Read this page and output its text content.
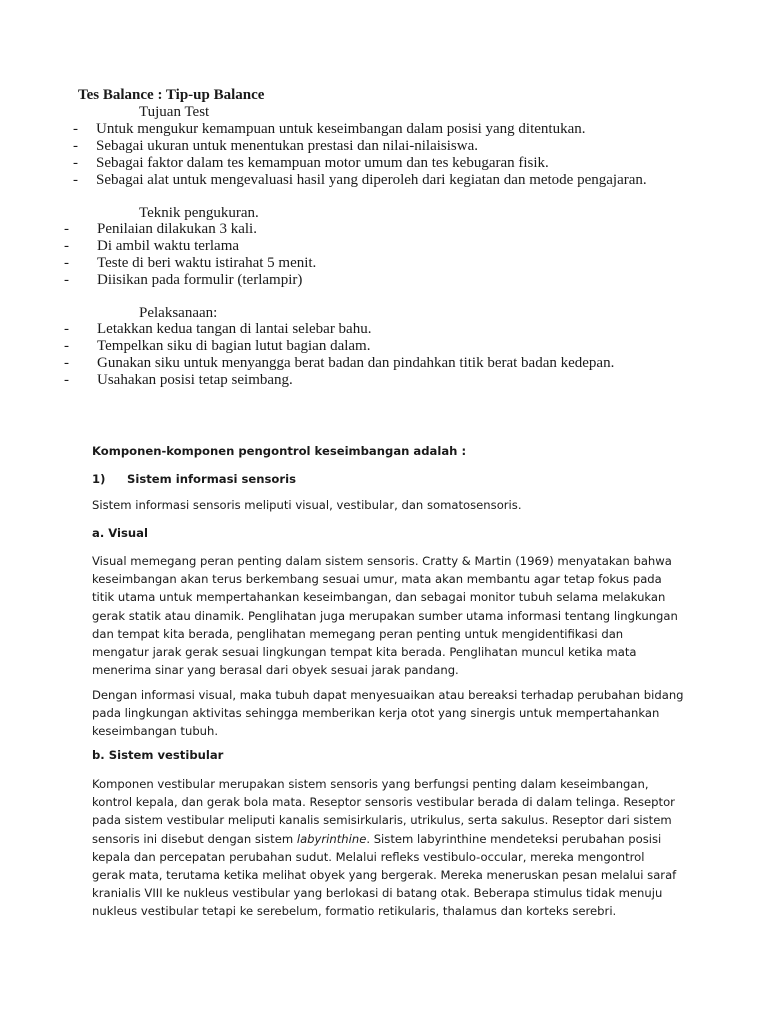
Tes Balance : Tip-up Balance
Tujuan Test
- Untuk mengukur kemampuan untuk keseimbangan dalam posisi yang ditentukan.
- Sebagai ukuran untuk menentukan prestasi dan nilai-nilaisiswa.
- Sebagai faktor dalam tes kemampuan motor umum dan tes kebugaran fisik.
- Sebagai alat untuk mengevaluasi hasil yang diperoleh dari kegiatan dan metode pengajaran.
Teknik pengukuran.
- Penilaian dilakukan 3 kali.
- Di ambil waktu terlama
- Teste di beri waktu istirahat 5 menit.
- Diisikan pada formulir (terlampir)
Pelaksanaan:
- Letakkan kedua tangan di lantai selebar bahu.
- Tempelkan siku di bagian lutut bagian dalam.
- Gunakan siku untuk menyangga berat badan dan pindahkan titik berat badan kedepan.
- Usahakan posisi tetap seimbang.
Komponen-komponen pengontrol keseimbangan adalah :
1) Sistem informasi sensoris
Sistem informasi sensoris meliputi visual, vestibular, dan somatosensoris.
a. Visual
Visual memegang peran penting dalam sistem sensoris. Cratty & Martin (1969) menyatakan bahwa
keseimbangan akan terus berkembang sesuai umur, mata akan membantu agar tetap fokus pada
titik utama untuk mempertahankan keseimbangan, dan sebagai monitor tubuh selama melakukan
gerak statik atau dinamik. Penglihatan juga merupakan sumber utama informasi tentang lingkungan
dan tempat kita berada, penglihatan memegang peran penting untuk mengidentifikasi dan
mengatur jarak gerak sesuai lingkungan tempat kita berada. Penglihatan muncul ketika mata
menerima sinar yang berasal dari obyek sesuai jarak pandang.
Dengan informasi visual, maka tubuh dapat menyesuaikan atau bereaksi terhadap perubahan bidang
pada lingkungan aktivitas sehingga memberikan kerja otot yang sinergis untuk mempertahankan
keseimbangan tubuh.
b. Sistem vestibular
Komponen vestibular merupakan sistem sensoris yang berfungsi penting dalam keseimbangan,
kontrol kepala, dan gerak bola mata. Reseptor sensoris vestibular berada di dalam telinga. Reseptor
pada sistem vestibular meliputi kanalis semisirkularis, utrikulus, serta sakulus. Reseptor dari sistem
sensoris ini disebut dengan sistem labyrinthine. Sistem labyrinthine mendeteksi perubahan posisi
kepala dan percepatan perubahan sudut. Melalui refleks vestibulo-occular, mereka mengontrol
gerak mata, terutama ketika melihat obyek yang bergerak. Mereka meneruskan pesan melalui saraf
kranialis VIII ke nukleus vestibular yang berlokasi di batang otak. Beberapa stimulus tidak menuju
nukleus vestibular tetapi ke serebelum, formatio retikularis, thalamus dan korteks serebri.
